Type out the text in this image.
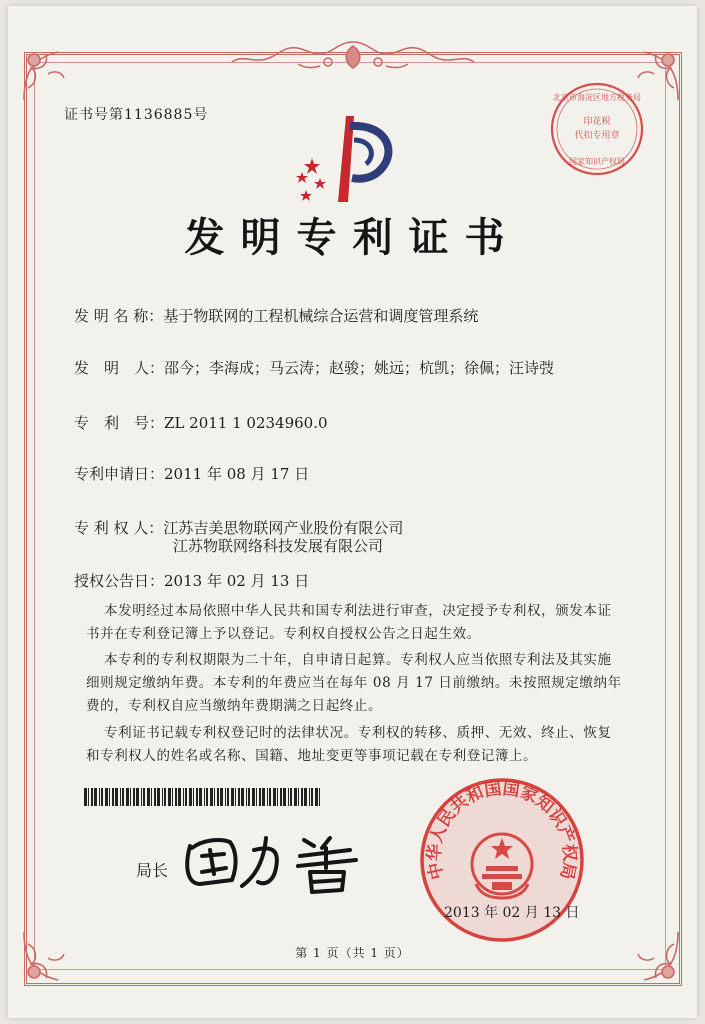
证书号第1136885号
北京市海淀区地方税务局
印花税
代扣专用章
国家知识产权局
发明专利证书
发 明 名 称：基于物联网的工程机械综合运营和调度管理系统
发　明　人：邵今；李海成；马云涛；赵骏；姚远；杭凯；徐佩；汪诗弢
专　利　号：ZL 2011 1 0234960.0
专利申请日：2011 年 08 月 17 日
专 利 权 人：江苏吉美思物联网产业股份有限公司
江苏物联网络科技发展有限公司
授权公告日：2013 年 02 月 13 日
本发明经过本局依照中华人民共和国专利法进行审查，决定授予专利权，颁发本证书并在专利登记簿上予以登记。专利权自授权公告之日起生效。
本专利的专利权期限为二十年，自申请日起算。专利权人应当依照专利法及其实施细则规定缴纳年费。本专利的年费应当在每年 08 月 17 日前缴纳。未按照规定缴纳年费的，专利权自应当缴纳年费期满之日起终止。
专利证书记载专利权登记时的法律状况。专利权的转移、质押、无效、终止、恢复和专利权人的姓名或名称、国籍、地址变更等事项记载在专利登记簿上。
局长	中华人民共和国国家知识产权局
2013 年 02 月 13 日
第 1 页（共 1 页）
